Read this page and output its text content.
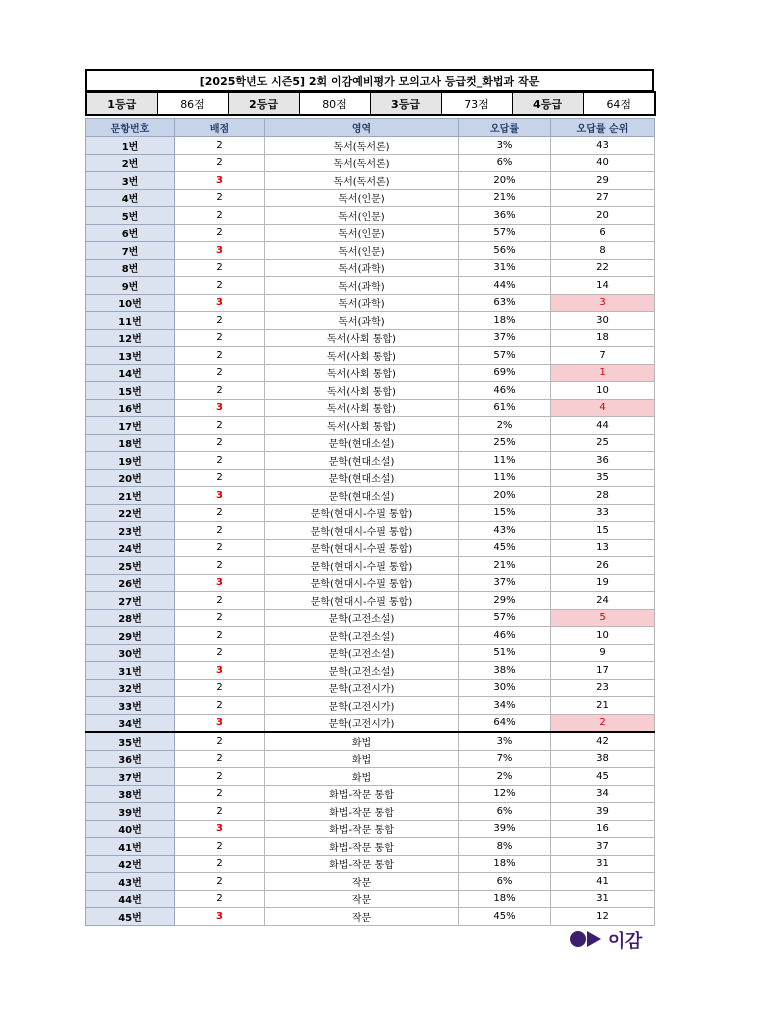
[2025학년도 시즌5] 2회 이감예비평가 모의고사 등급컷_화법과 작문
1등급	86점	2등급	80점	3등급	73점	4등급	64점
문항번호	배점	영역	오답률	오답률 순위
1번	2	독서(독서론)	3%	43
2번	2	독서(독서론)	6%	40
3번	3	독서(독서론)	20%	29
4번	2	독서(인문)	21%	27
5번	2	독서(인문)	36%	20
6번	2	독서(인문)	57%	6
7번	3	독서(인문)	56%	8
8번	2	독서(과학)	31%	22
9번	2	독서(과학)	44%	14
10번	3	독서(과학)	63%	3
11번	2	독서(과학)	18%	30
12번	2	독서(사회 통합)	37%	18
13번	2	독서(사회 통합)	57%	7
14번	2	독서(사회 통합)	69%	1
15번	2	독서(사회 통합)	46%	10
16번	3	독서(사회 통합)	61%	4
17번	2	독서(사회 통합)	2%	44
18번	2	문학(현대소설)	25%	25
19번	2	문학(현대소설)	11%	36
20번	2	문학(현대소설)	11%	35
21번	3	문학(현대소설)	20%	28
22번	2	문학(현대시-수필 통합)	15%	33
23번	2	문학(현대시-수필 통합)	43%	15
24번	2	문학(현대시-수필 통합)	45%	13
25번	2	문학(현대시-수필 통합)	21%	26
26번	3	문학(현대시-수필 통합)	37%	19
27번	2	문학(현대시-수필 통합)	29%	24
28번	2	문학(고전소설)	57%	5
29번	2	문학(고전소설)	46%	10
30번	2	문학(고전소설)	51%	9
31번	3	문학(고전소설)	38%	17
32번	2	문학(고전시가)	30%	23
33번	2	문학(고전시가)	34%	21
34번	3	문학(고전시가)	64%	2
35번	2	화법	3%	42
36번	2	화법	7%	38
37번	2	화법	2%	45
38번	2	화법-작문 통합	12%	34
39번	2	화법-작문 통합	6%	39
40번	3	화법-작문 통합	39%	16
41번	2	화법-작문 통합	8%	37
42번	2	화법-작문 통합	18%	31
43번	2	작문	6%	41
44번	2	작문	18%	31
45번	3	작문	45%	12
이감
